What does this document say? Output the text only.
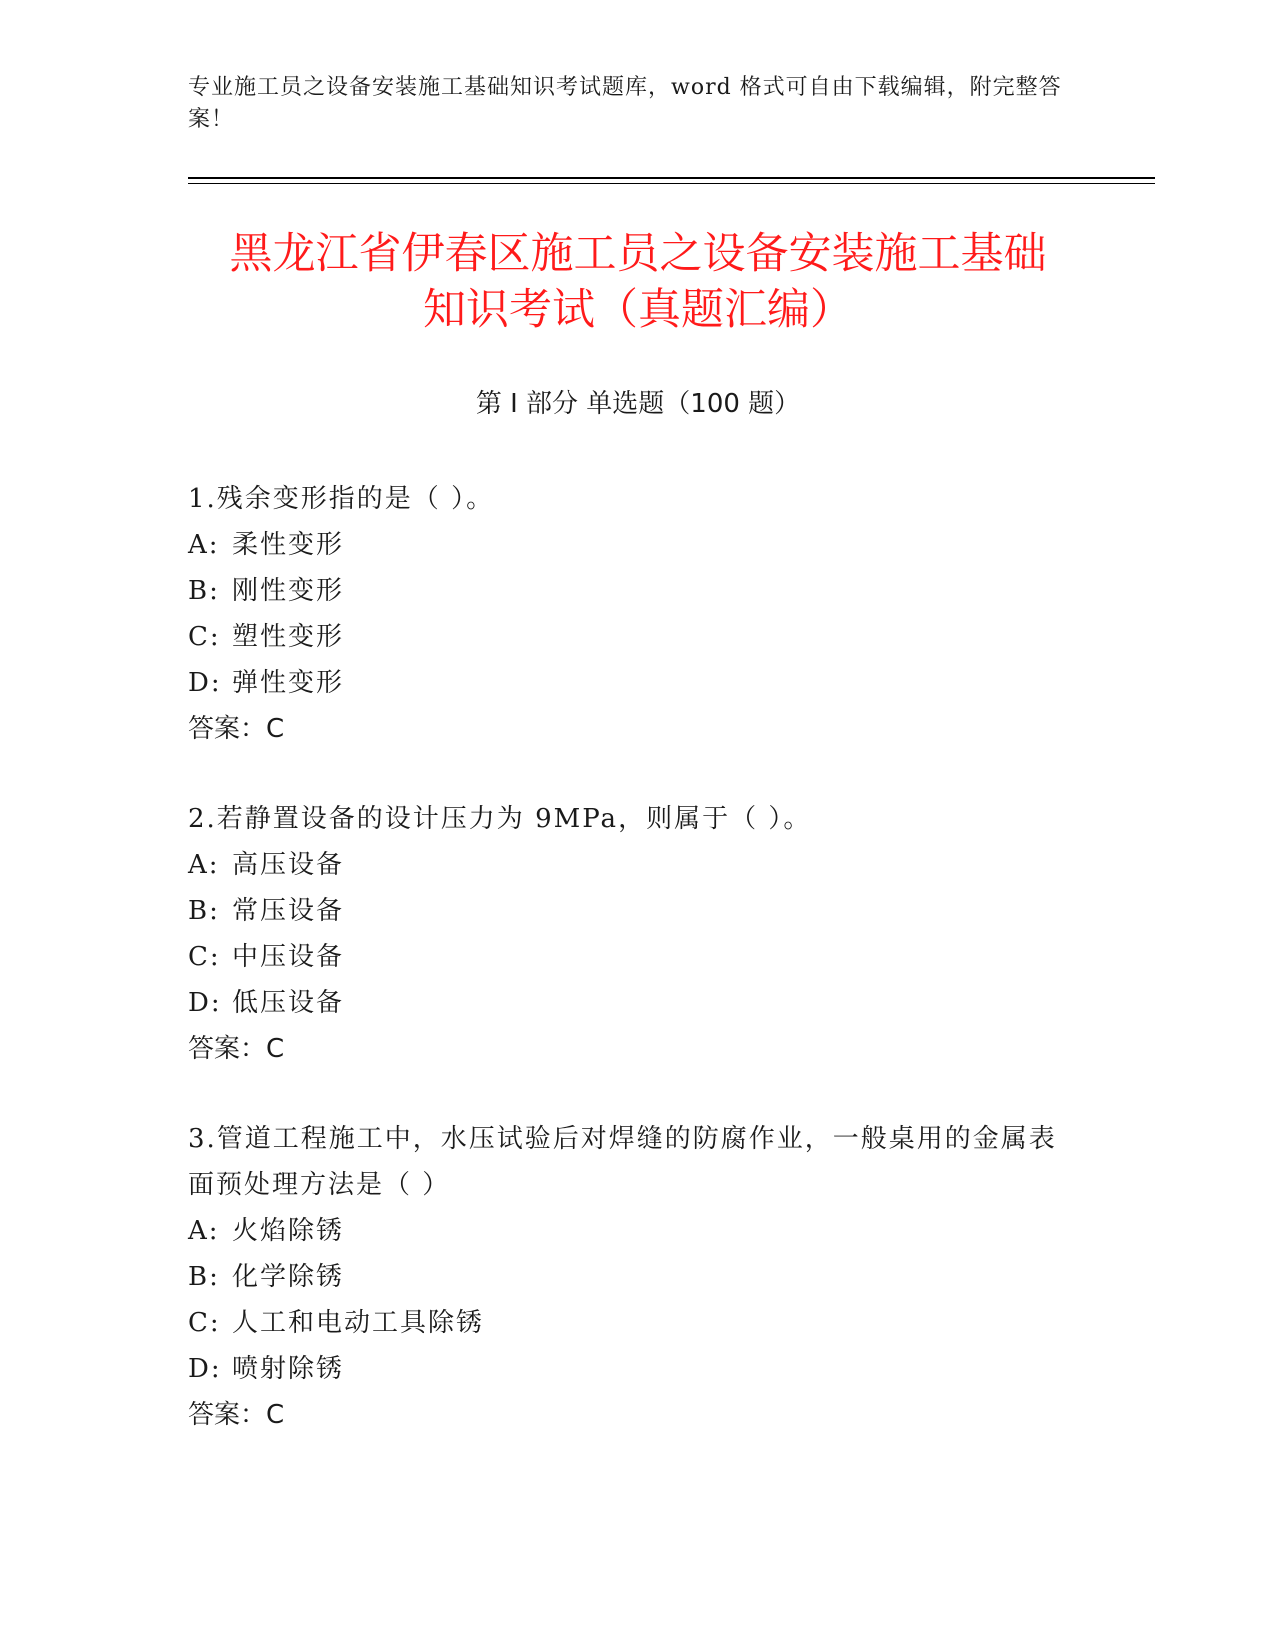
专业施工员之设备安装施工基础知识考试题库，word 格式可自由下载编辑，附完整答案！
黑龙江省伊春区施工员之设备安装施工基础
知识考试（真题汇编）
第 I 部分 单选题（100 题）
1.残余变形指的是（ ）。
A: 柔性变形
B: 刚性变形
C: 塑性变形
D: 弹性变形
答案：C
2.若静置设备的设计压力为 9MPa，则属于（ ）。
A: 高压设备
B: 常压设备
C: 中压设备
D: 低压设备
答案：C
3.管道工程施工中，水压试验后对焊缝的防腐作业，一般桌用的金属表面预处理方法是（ ）
A: 火焰除锈
B: 化学除锈
C: 人工和电动工具除锈
D: 喷射除锈
答案：C
